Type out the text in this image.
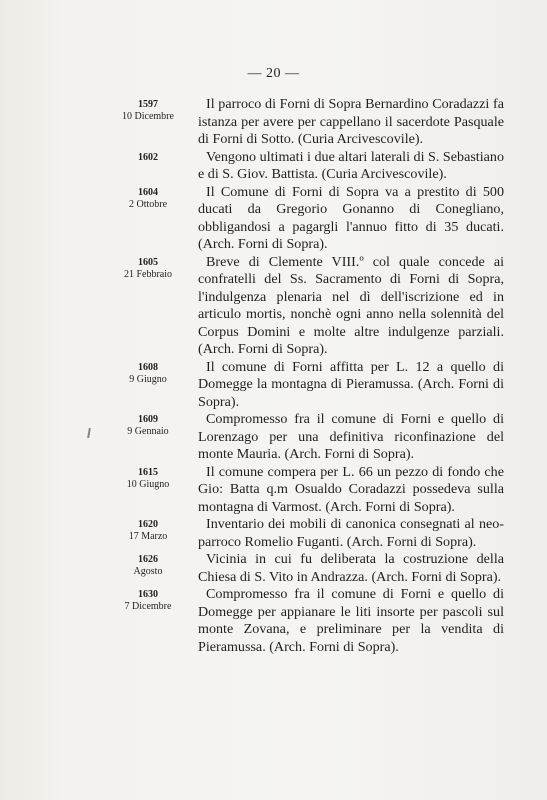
— 20 —
1597
10 Dicembre
Il parroco di Forni di Sopra Bernardino Coradazzi fa istanza per avere per cappellano il sacerdote Pasquale di Forni di Sotto. (Curia Arcivescovile).
1602	Vengono ultimati i due altari laterali di S. Sebastiano e di S. Giov. Battista. (Curia Arcivescovile).
1604
2 Ottobre
Il Comune di Forni di Sopra va a prestito di 500 ducati da Gregorio Gonanno di Conegliano, obbligandosi a pagargli l'annuo fitto di 35 ducati. (Arch. Forni di Sopra).
1605
21 Febbraio
Breve di Clemente VIII.º col quale concede ai confratelli del Ss. Sacramento di Forni di Sopra, l'indulgenza plenaria nel dì dell'iscrizione ed in articulo mortis, nonchè ogni anno nella solennità del Corpus Domini e molte altre indulgenze parziali. (Arch. Forni di Sopra).
1608
9 Giugno
Il comune di Forni affitta per L. 12 a quello di Domegge la montagna di Pieramussa. (Arch. Forni di Sopra).
1609
9 Gennaio
Compromesso fra il comune di Forni e quello di Lorenzago per una definitiva riconfinazione del monte Mauria. (Arch. Forni di Sopra).
1615
10 Giugno
Il comune compera per L. 66 un pezzo di fondo che Gio: Batta q.m Osualdo Coradazzi possedeva sulla montagna di Varmost. (Arch. Forni di Sopra).
1620
17 Marzo
Inventario dei mobili di canonica consegnati al neo-parroco Romelio Fuganti. (Arch. Forni di Sopra).
1626
Agosto
Vicinia in cui fu deliberata la costruzione della Chiesa di S. Vito in Andrazza. (Arch. Forni di Sopra).
1630
7 Dicembre
Compromesso fra il comune di Forni e quello di Domegge per appianare le liti insorte per pascoli sul monte Zovana, e preliminare per la vendita di Pieramussa. (Arch. Forni di Sopra).
